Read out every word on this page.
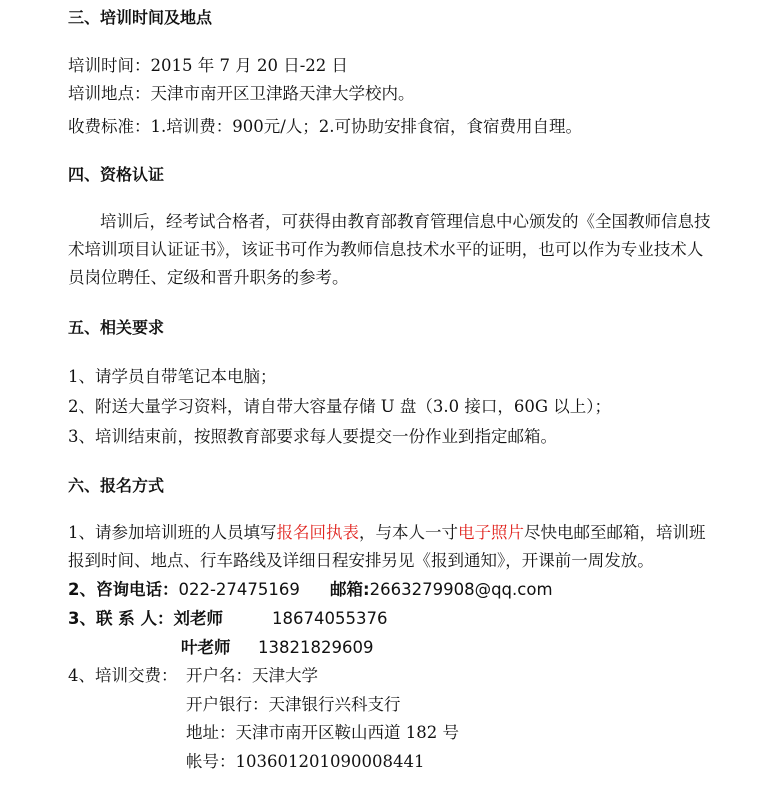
三、培训时间及地点
培训时间：2015 年 7 月 20 日-22 日
培训地点：天津市南开区卫津路天津大学校内。
收费标准：1.培训费：900元/人；2.可协助安排食宿，食宿费用自理。
四、资格认证
培训后，经考试合格者，可获得由教育部教育管理信息中心颁发的《全国教师信息技
术培训项目认证证书》，该证书可作为教师信息技术水平的证明，也可以作为专业技术人
员岗位聘任、定级和晋升职务的参考。
五、相关要求
1、请学员自带笔记本电脑；
2、附送大量学习资料，请自带大容量存储 U 盘（3.0 接口，60G 以上）；
3、培训结束前，按照教育部要求每人要提交一份作业到指定邮箱。
六、报名方式
1、请参加培训班的人员填写报名回执表，与本人一寸电子照片尽快电邮至邮箱，培训班
报到时间、地点、行车路线及详细日程安排另见《报到通知》，开课前一周发放。
2、咨询电话：022-27475169 邮箱:2663279908@qq.com
3、联 系 人：刘老师	18674055376
叶老师 13821829609
4、培训交费： 开户名：天津大学
开户银行：天津银行兴科支行
地址：天津市南开区鞍山西道 182 号
帐号：103601201090008441
